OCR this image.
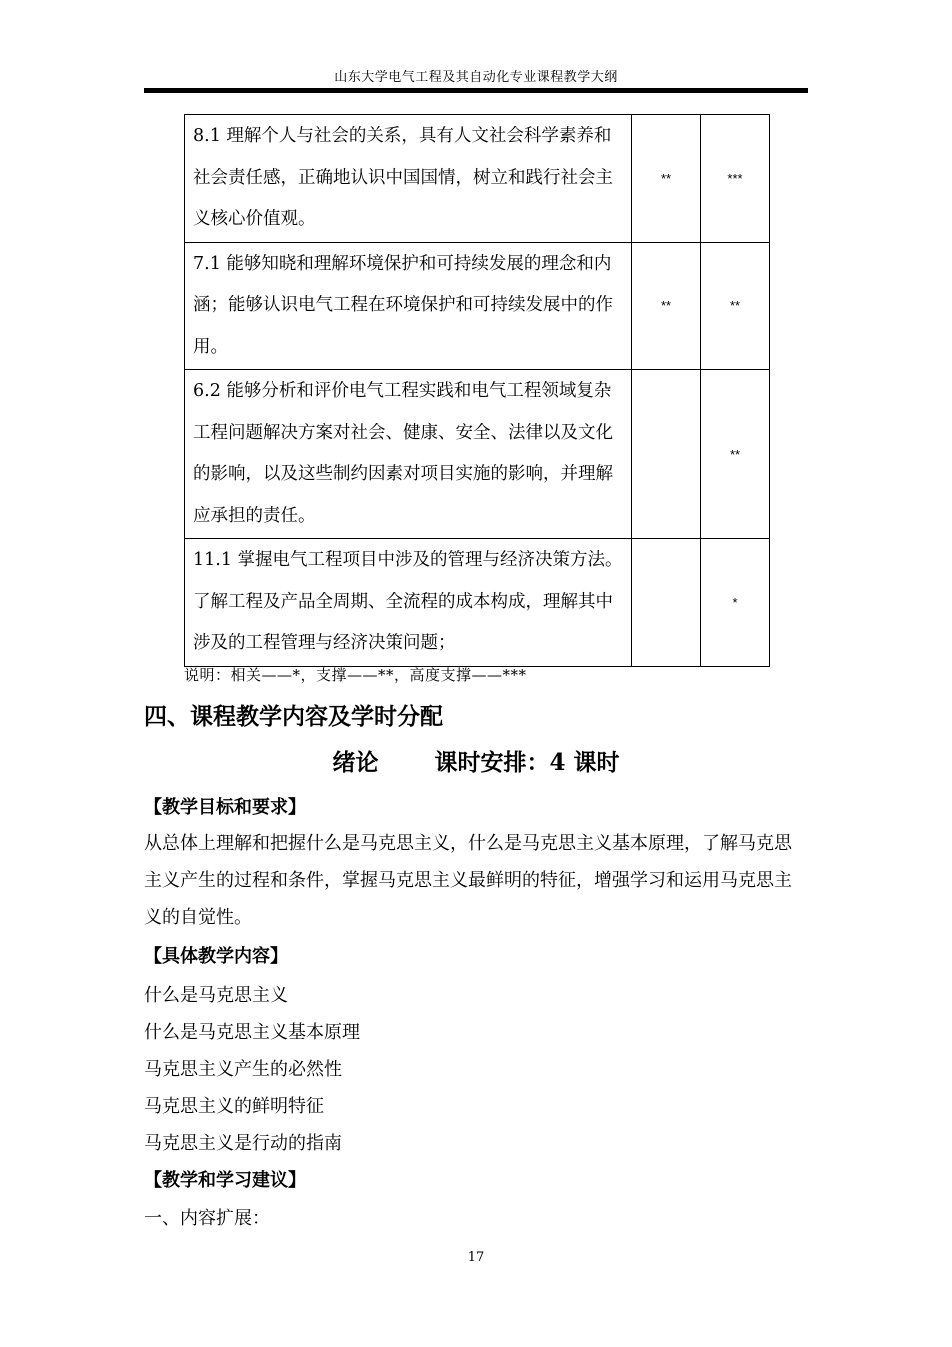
山东大学电气工程及其自动化专业课程教学大纲
8.1 理解个人与社会的关系，具有人文社会科学素养和社会责任感，正确地认识中国国情，树立和践行社会主义核心价值观。	**	***
7.1 能够知晓和理解环境保护和可持续发展的理念和内涵；能够认识电气工程在环境保护和可持续发展中的作用。	**	**
6.2 能够分析和评价电气工程实践和电气工程领域复杂工程问题解决方案对社会、健康、安全、法律以及文化的影响，以及这些制约因素对项目实施的影响，并理解应承担的责任。		**
11.1 掌握电气工程项目中涉及的管理与经济决策方法。了解工程及产品全周期、全流程的成本构成，理解其中涉及的工程管理与经济决策问题；		*
说明：相关——*，支撑——**，高度支撑——***
四、课程教学内容及学时分配
绪论 课时安排：4 课时
【教学目标和要求】
从总体上理解和把握什么是马克思主义，什么是马克思主义基本原理，了解马克思主义产生的过程和条件，掌握马克思主义最鲜明的特征，增强学习和运用马克思主义的自觉性。
【具体教学内容】
什么是马克思主义
什么是马克思主义基本原理
马克思主义产生的必然性
马克思主义的鲜明特征
马克思主义是行动的指南
【教学和学习建议】
一、内容扩展：
17
